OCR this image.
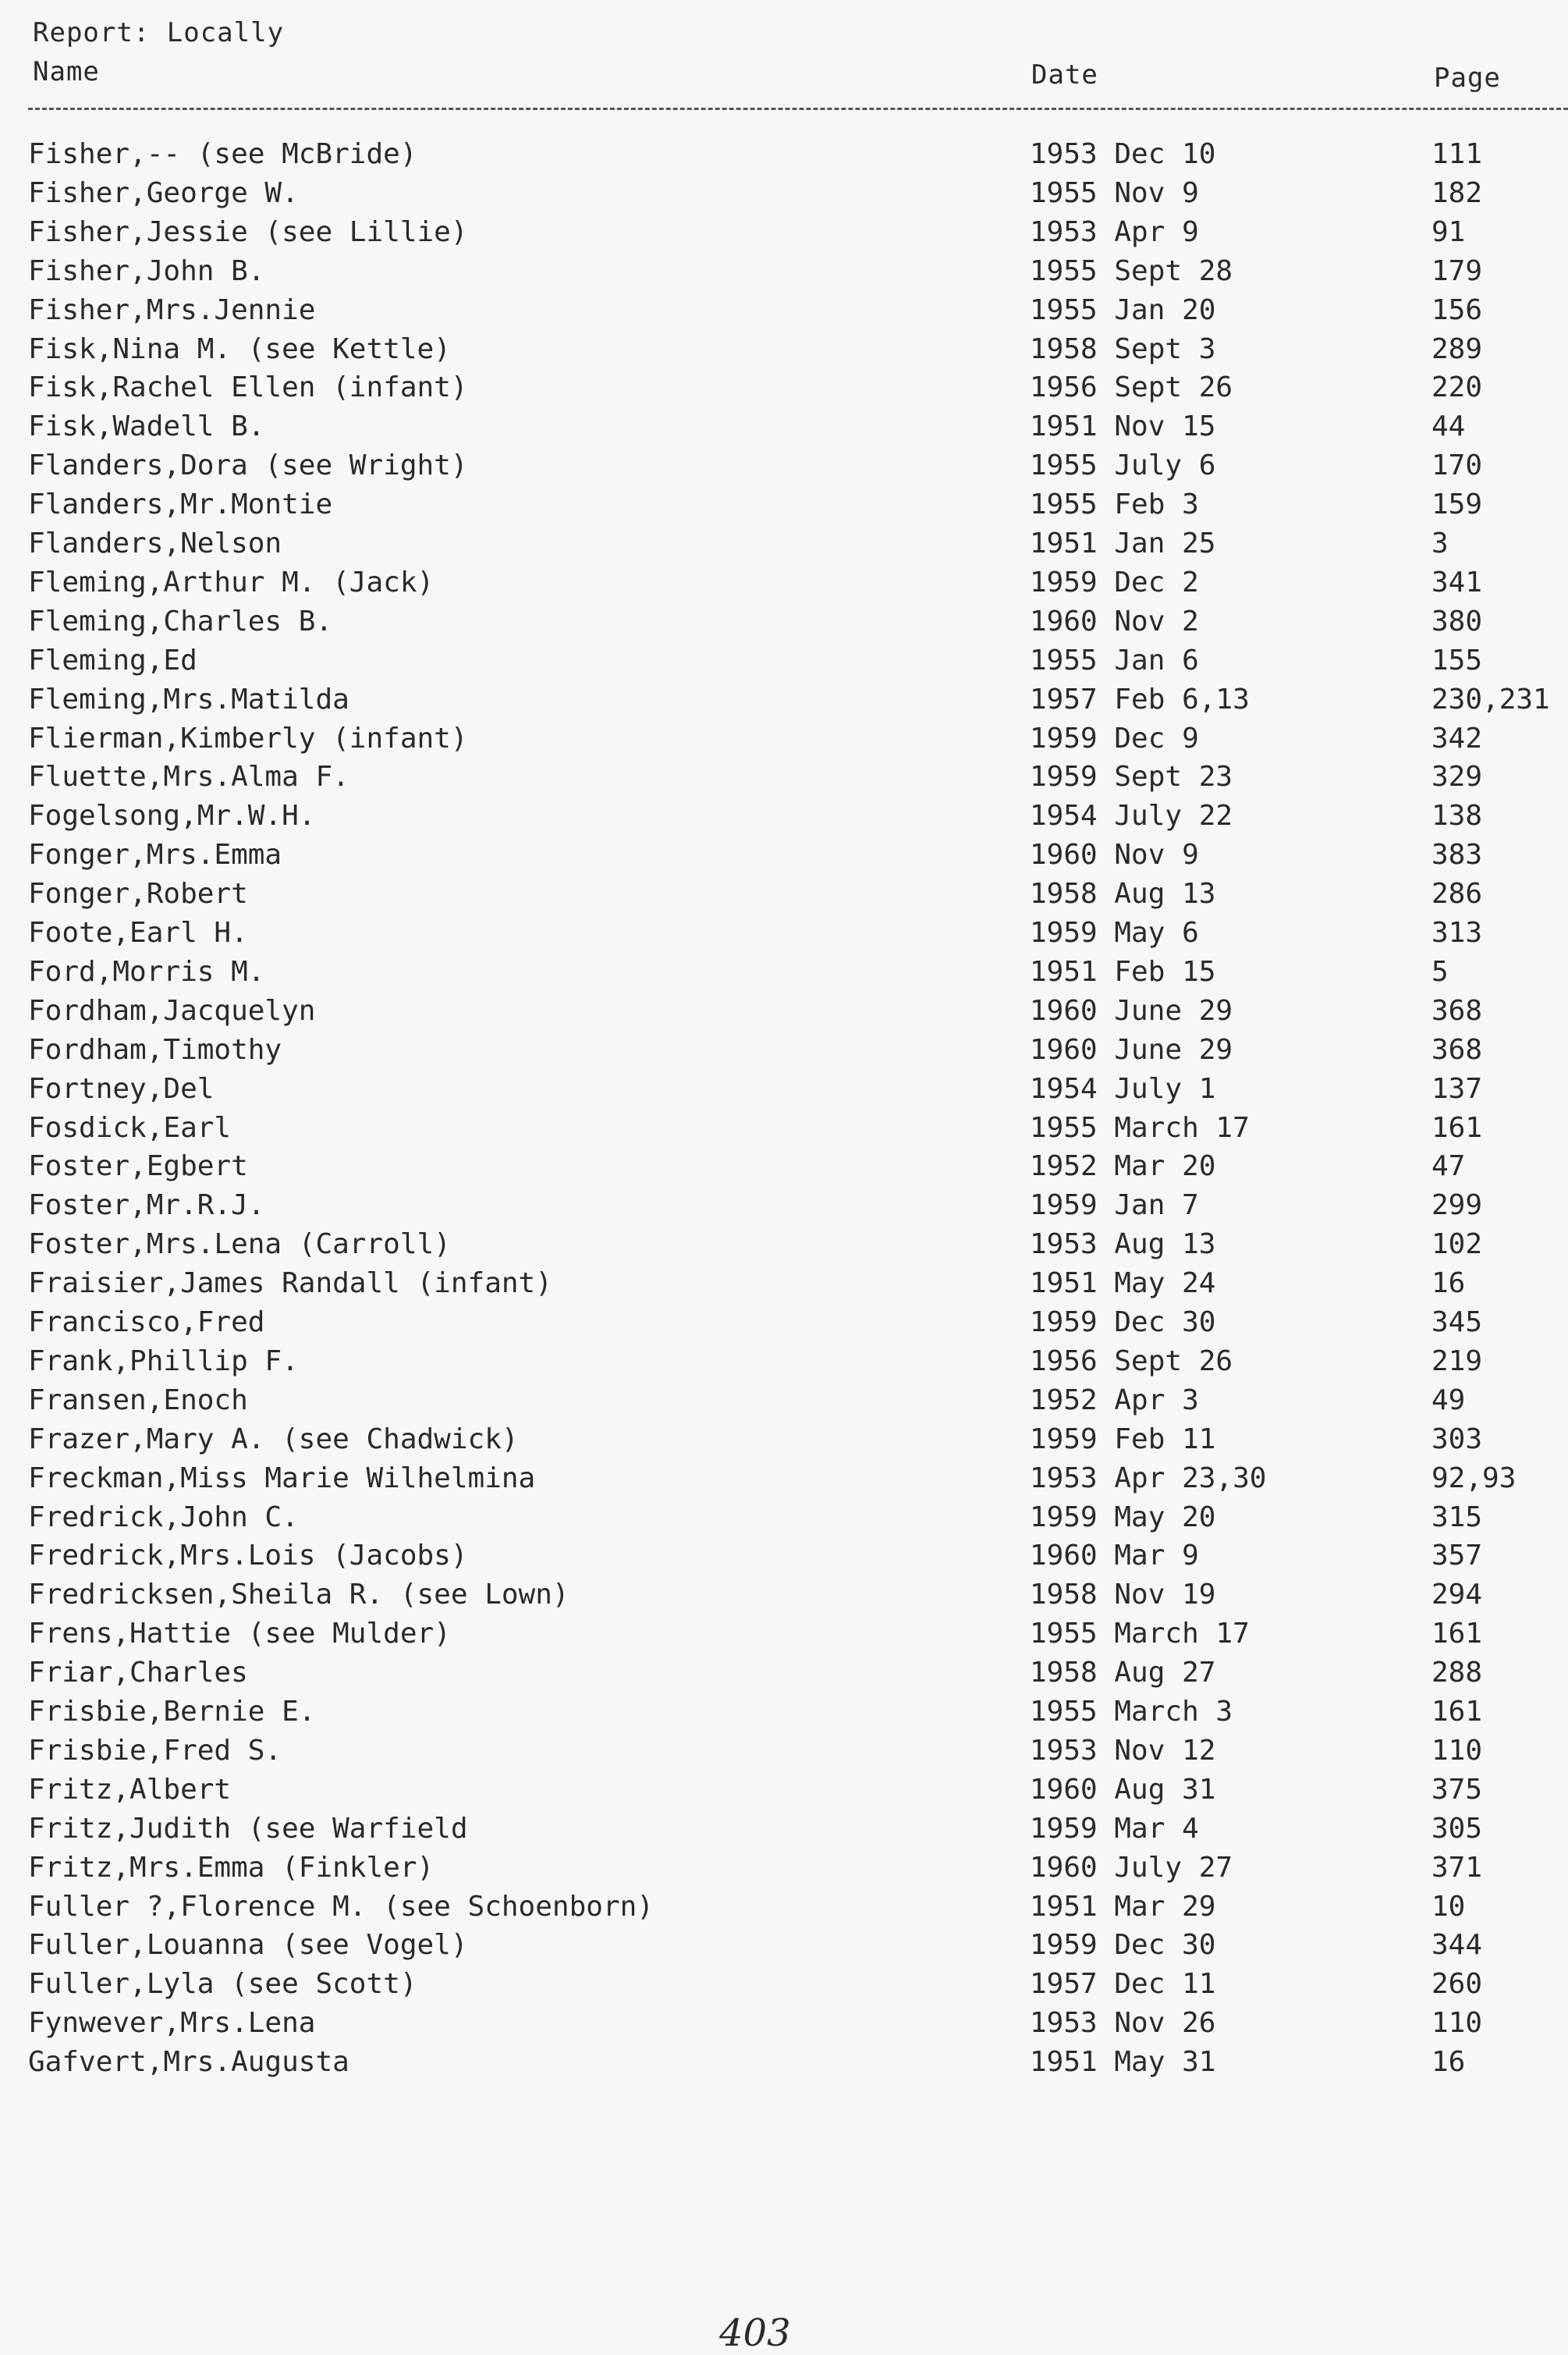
Report: Locally
Name	Date	Page
Fisher,-- (see McBride)	1953 Dec 10	111
Fisher,George W.	1955 Nov 9	182
Fisher,Jessie (see Lillie)	1953 Apr 9	91
Fisher,John B.	1955 Sept 28	179
Fisher,Mrs.Jennie	1955 Jan 20	156
Fisk,Nina M. (see Kettle)	1958 Sept 3	289
Fisk,Rachel Ellen (infant)	1956 Sept 26	220
Fisk,Wadell B.	1951 Nov 15	44
Flanders,Dora (see Wright)	1955 July 6	170
Flanders,Mr.Montie	1955 Feb 3	159
Flanders,Nelson	1951 Jan 25	3
Fleming,Arthur M. (Jack)	1959 Dec 2	341
Fleming,Charles B.	1960 Nov 2	380
Fleming,Ed	1955 Jan 6	155
Fleming,Mrs.Matilda	1957 Feb 6,13	230,231
Flierman,Kimberly (infant)	1959 Dec 9	342
Fluette,Mrs.Alma F.	1959 Sept 23	329
Fogelsong,Mr.W.H.	1954 July 22	138
Fonger,Mrs.Emma	1960 Nov 9	383
Fonger,Robert	1958 Aug 13	286
Foote,Earl H.	1959 May 6	313
Ford,Morris M.	1951 Feb 15	5
Fordham,Jacquelyn	1960 June 29	368
Fordham,Timothy	1960 June 29	368
Fortney,Del	1954 July 1	137
Fosdick,Earl	1955 March 17	161
Foster,Egbert	1952 Mar 20	47
Foster,Mr.R.J.	1959 Jan 7	299
Foster,Mrs.Lena (Carroll)	1953 Aug 13	102
Fraisier,James Randall (infant)	1951 May 24	16
Francisco,Fred	1959 Dec 30	345
Frank,Phillip F.	1956 Sept 26	219
Fransen,Enoch	1952 Apr 3	49
Frazer,Mary A. (see Chadwick)	1959 Feb 11	303
Freckman,Miss Marie Wilhelmina	1953 Apr 23,30	92,93
Fredrick,John C.	1959 May 20	315
Fredrick,Mrs.Lois (Jacobs)	1960 Mar 9	357
Fredricksen,Sheila R. (see Lown)	1958 Nov 19	294
Frens,Hattie (see Mulder)	1955 March 17	161
Friar,Charles	1958 Aug 27	288
Frisbie,Bernie E.	1955 March 3	161
Frisbie,Fred S.	1953 Nov 12	110
Fritz,Albert	1960 Aug 31	375
Fritz,Judith (see Warfield	1959 Mar 4	305
Fritz,Mrs.Emma (Finkler)	1960 July 27	371
Fuller ?,Florence M. (see Schoenborn)	1951 Mar 29	10
Fuller,Louanna (see Vogel)	1959 Dec 30	344
Fuller,Lyla (see Scott)	1957 Dec 11	260
Fynwever,Mrs.Lena	1953 Nov 26	110
Gafvert,Mrs.Augusta	1951 May 31	16
403
